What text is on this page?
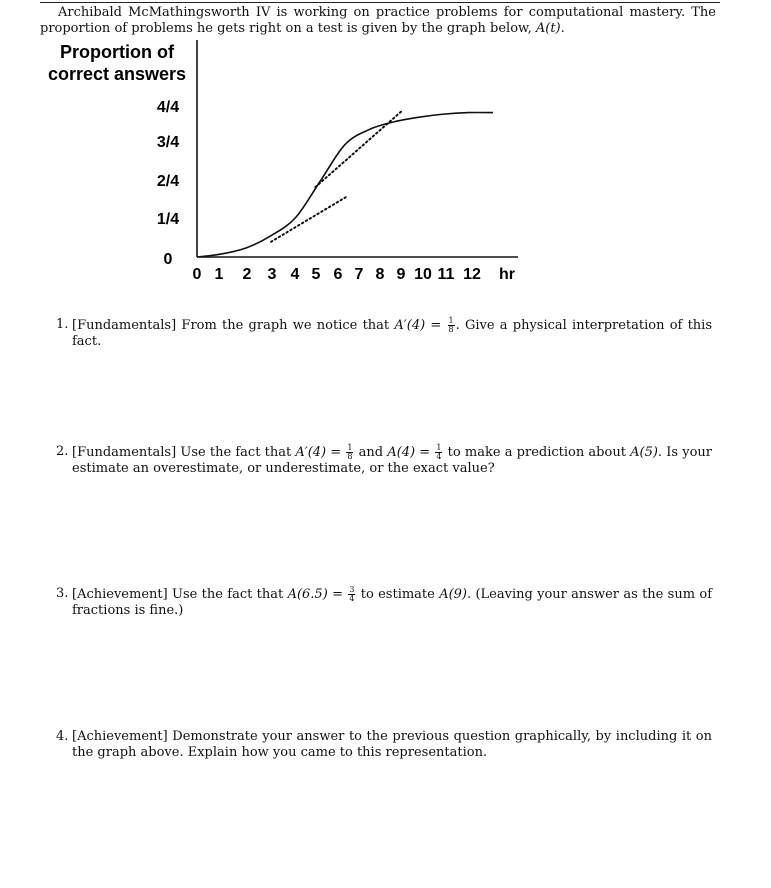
Archibald McMathingsworth IV is working on practice problems for computational mastery. The proportion of problems he gets right on a test is given by the graph below, A(t).
Proportion of
correct answers
0
1/4
2/4
3/4
4/4
0 1 2 3 4 5 6 7 8 9 10 11 12 hr
1. [Fundamentals] From the graph we notice that $A'(4) = \frac{1}{8}$ . Give a physical interpretation of this fact.
2. [Fundamentals] Use the fact that $A'(4) = \frac{1}{8}$ and $A(4) = \frac{1}{4}$ to make a prediction about A(5). Is your estimate an overestimate, or underestimate, or the exact value?
3. [Achievement] Use the fact that $A(6.5) = \frac{3}{4}$ to estimate A(9). (Leaving your answer as the sum of fractions is fine.)
4. [Achievement] Demonstrate your answer to the previous question graphically, by including it on the graph above. Explain how you came to this representation.
